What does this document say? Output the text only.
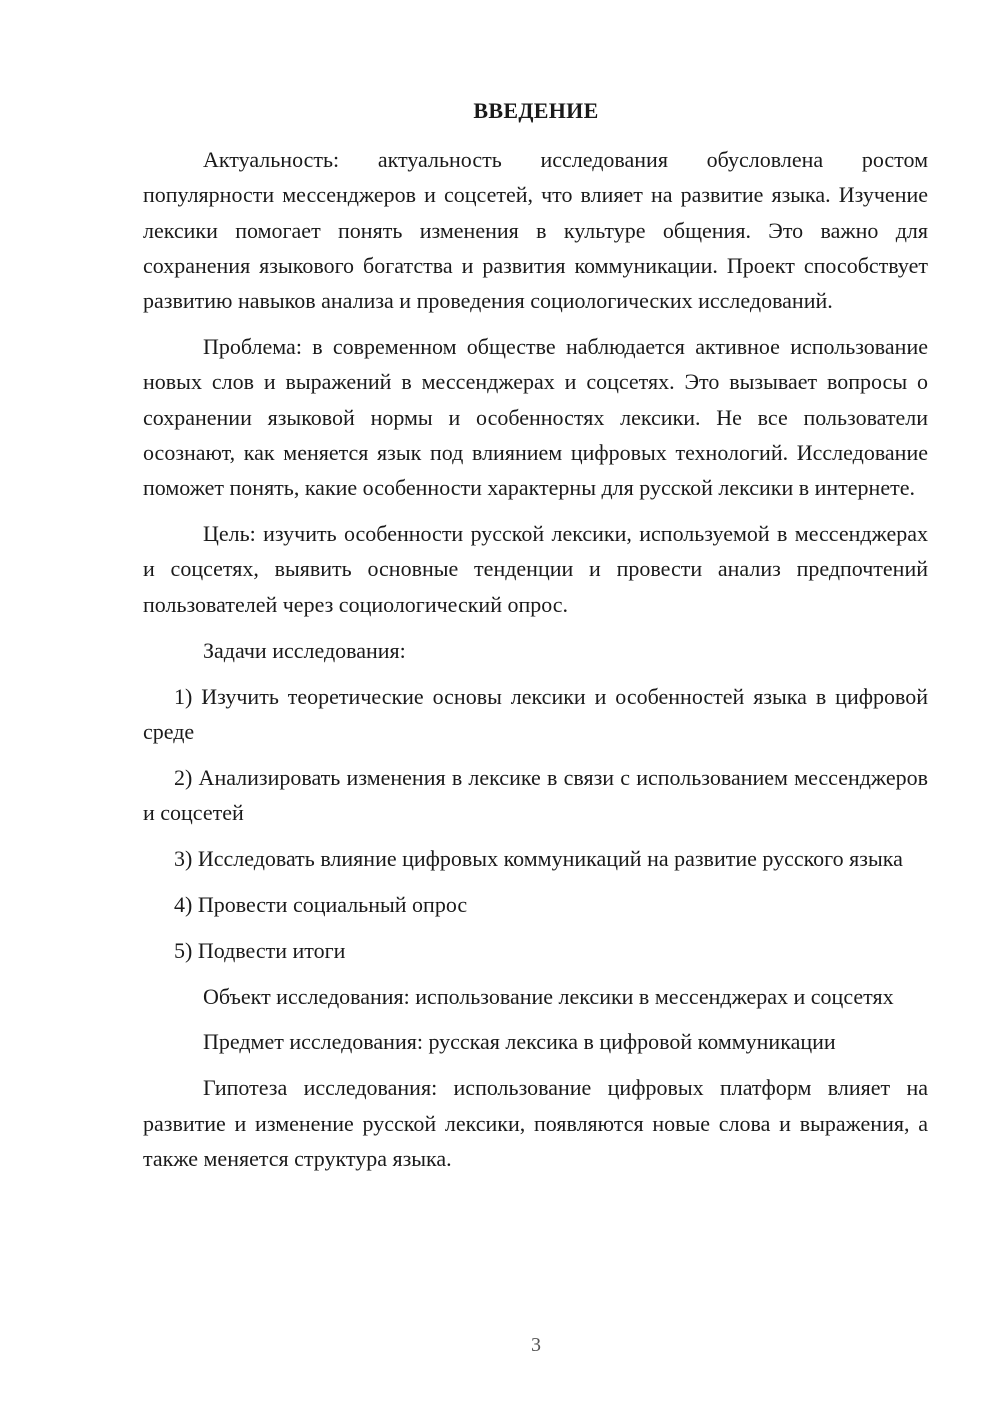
ВВЕДЕНИЕ

Актуальность: актуальность исследования обусловлена ростом популярности мессенджеров и соцсетей, что влияет на развитие языка. Изучение лексики помогает понять изменения в культуре общения. Это важно для сохранения языкового богатства и развития коммуникации. Проект способствует развитию навыков анализа и проведения социологических исследований.

Проблема: в современном обществе наблюдается активное использование новых слов и выражений в мессенджерах и соцсетях. Это вызывает вопросы о сохранении языковой нормы и особенностях лексики. Не все пользователи осознают, как меняется язык под влиянием цифровых технологий. Исследование поможет понять, какие особенности характерны для русской лексики в интернете.

Цель: изучить особенности русской лексики, используемой в мессенджерах и соцсетях, выявить основные тенденции и провести анализ предпочтений пользователей через социологический опрос.

Задачи исследования:

1) Изучить теоретические основы лексики и особенностей языка в цифровой среде

2) Анализировать изменения в лексике в связи с использованием мессенджеров и соцсетей

3) Исследовать влияние цифровых коммуникаций на развитие русского языка

4) Провести социальный опрос

5) Подвести итоги

Объект исследования: использование лексики в мессенджерах и соцсетях

Предмет исследования: русская лексика в цифровой коммуникации

Гипотеза исследования: использование цифровых платформ влияет на развитие и изменение русской лексики, появляются новые слова и выражения, а также меняется структура языка.

3
